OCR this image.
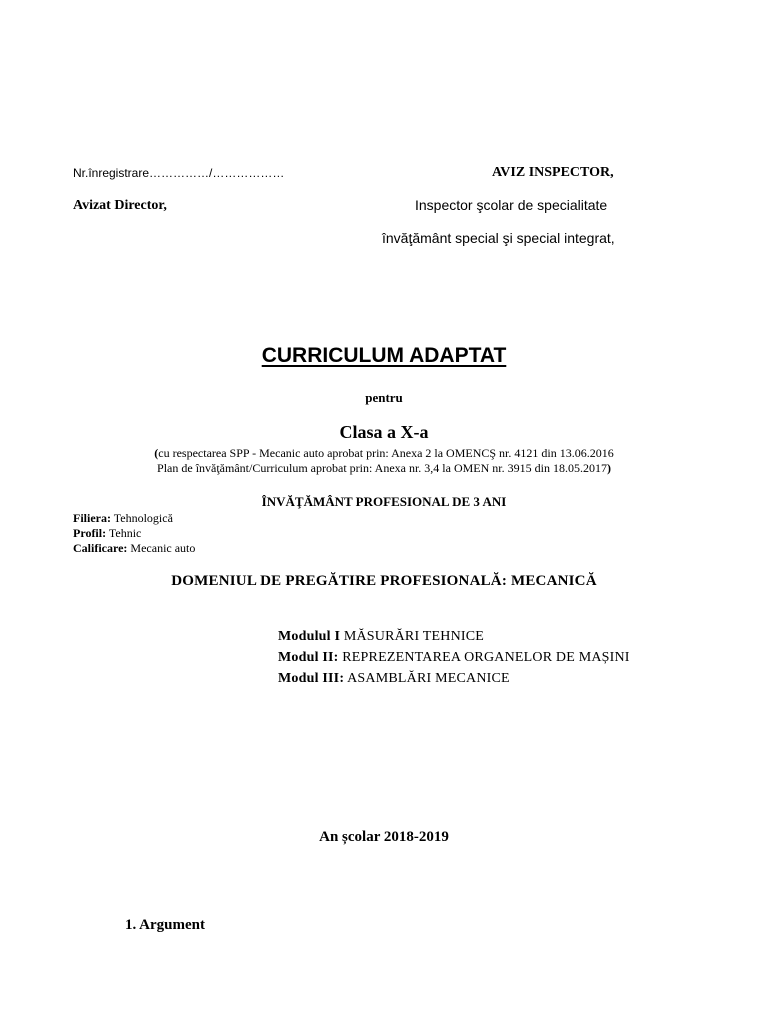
Nr.înregistrare……………/………………	AVIZ INSPECTOR,
Avizat Director,	Inspector şcolar de specialitate
învăţământ special şi special integrat,
CURRICULUM ADAPTAT
pentru
Clasa a X-a
(cu respectarea SPP - Mecanic auto aprobat prin: Anexa 2 la OMENCŞ nr. 4121 din 13.06.2016
Plan de învăţământ/Curriculum aprobat prin: Anexa nr. 3,4 la OMEN nr. 3915 din 18.05.2017)
ÎNVĂŢĂMÂNT PROFESIONAL DE 3 ANI
Filiera: Tehnologică
Profil: Tehnic
Calificare: Mecanic auto
DOMENIUL DE PREGĂTIRE PROFESIONALĂ: MECANICĂ
Modulul I MĂSURĂRI TEHNICE
Modul II: REPREZENTAREA ORGANELOR DE MAȘINI
Modul III: ASAMBLĂRI MECANICE
An școlar 2018-2019
1. Argument
